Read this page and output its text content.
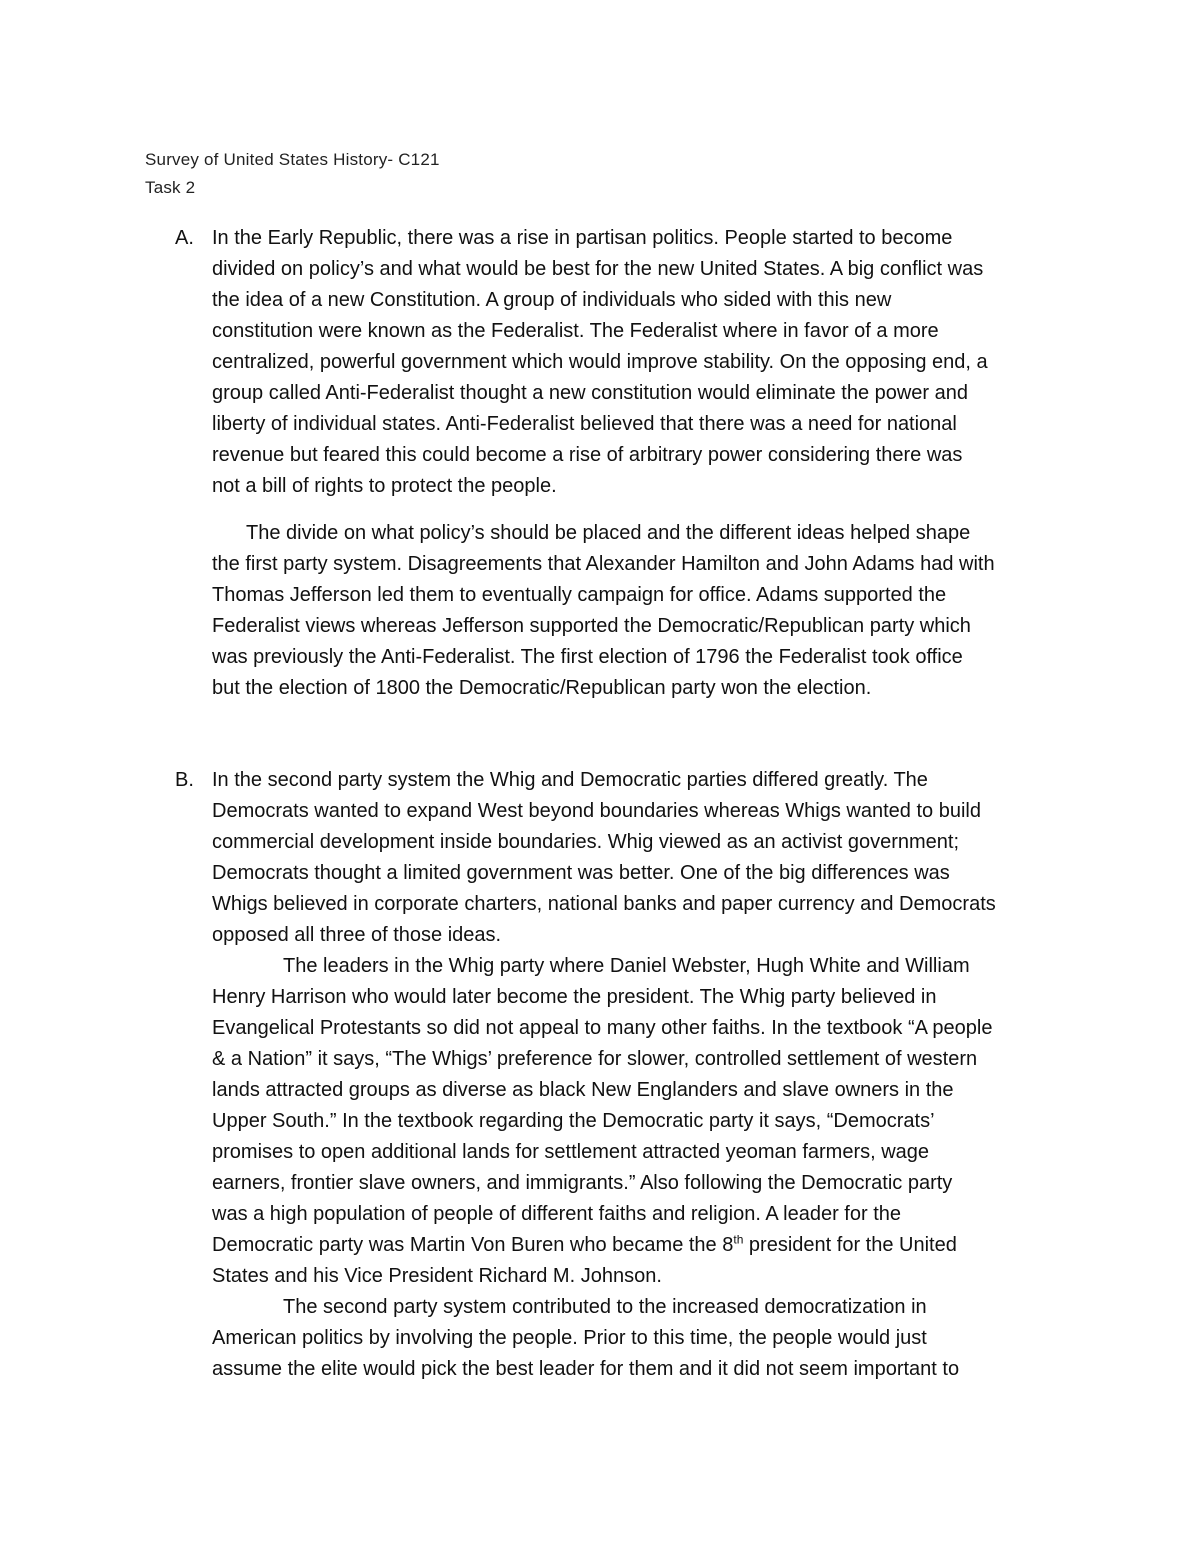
Survey of United States History- C121
Task 2
A. In the Early Republic, there was a rise in partisan politics. People started to become
divided on policy’s and what would be best for the new United States. A big conflict was
the idea of a new Constitution. A group of individuals who sided with this new
constitution were known as the Federalist. The Federalist where in favor of a more
centralized, powerful government which would improve stability. On the opposing end, a
group called Anti-Federalist thought a new constitution would eliminate the power and
liberty of individual states. Anti-Federalist believed that there was a need for national
revenue but feared this could become a rise of arbitrary power considering there was
not a bill of rights to protect the people.
The divide on what policy’s should be placed and the different ideas helped shape
the first party system. Disagreements that Alexander Hamilton and John Adams had with
Thomas Jefferson led them to eventually campaign for office. Adams supported the
Federalist views whereas Jefferson supported the Democratic/Republican party which
was previously the Anti-Federalist. The first election of 1796 the Federalist took office
but the election of 1800 the Democratic/Republican party won the election.
B. In the second party system the Whig and Democratic parties differed greatly. The
Democrats wanted to expand West beyond boundaries whereas Whigs wanted to build
commercial development inside boundaries. Whig viewed as an activist government;
Democrats thought a limited government was better. One of the big differences was
Whigs believed in corporate charters, national banks and paper currency and Democrats
opposed all three of those ideas.
The leaders in the Whig party where Daniel Webster, Hugh White and William
Henry Harrison who would later become the president. The Whig party believed in
Evangelical Protestants so did not appeal to many other faiths. In the textbook “A people
& a Nation” it says, “The Whigs’ preference for slower, controlled settlement of western
lands attracted groups as diverse as black New Englanders and slave owners in the
Upper South.” In the textbook regarding the Democratic party it says, “Democrats’
promises to open additional lands for settlement attracted yeoman farmers, wage
earners, frontier slave owners, and immigrants.” Also following the Democratic party
was a high population of people of different faiths and religion. A leader for the
Democratic party was Martin Von Buren who became the 8th president for the United
States and his Vice President Richard M. Johnson.
The second party system contributed to the increased democratization in
American politics by involving the people. Prior to this time, the people would just
assume the elite would pick the best leader for them and it did not seem important to
